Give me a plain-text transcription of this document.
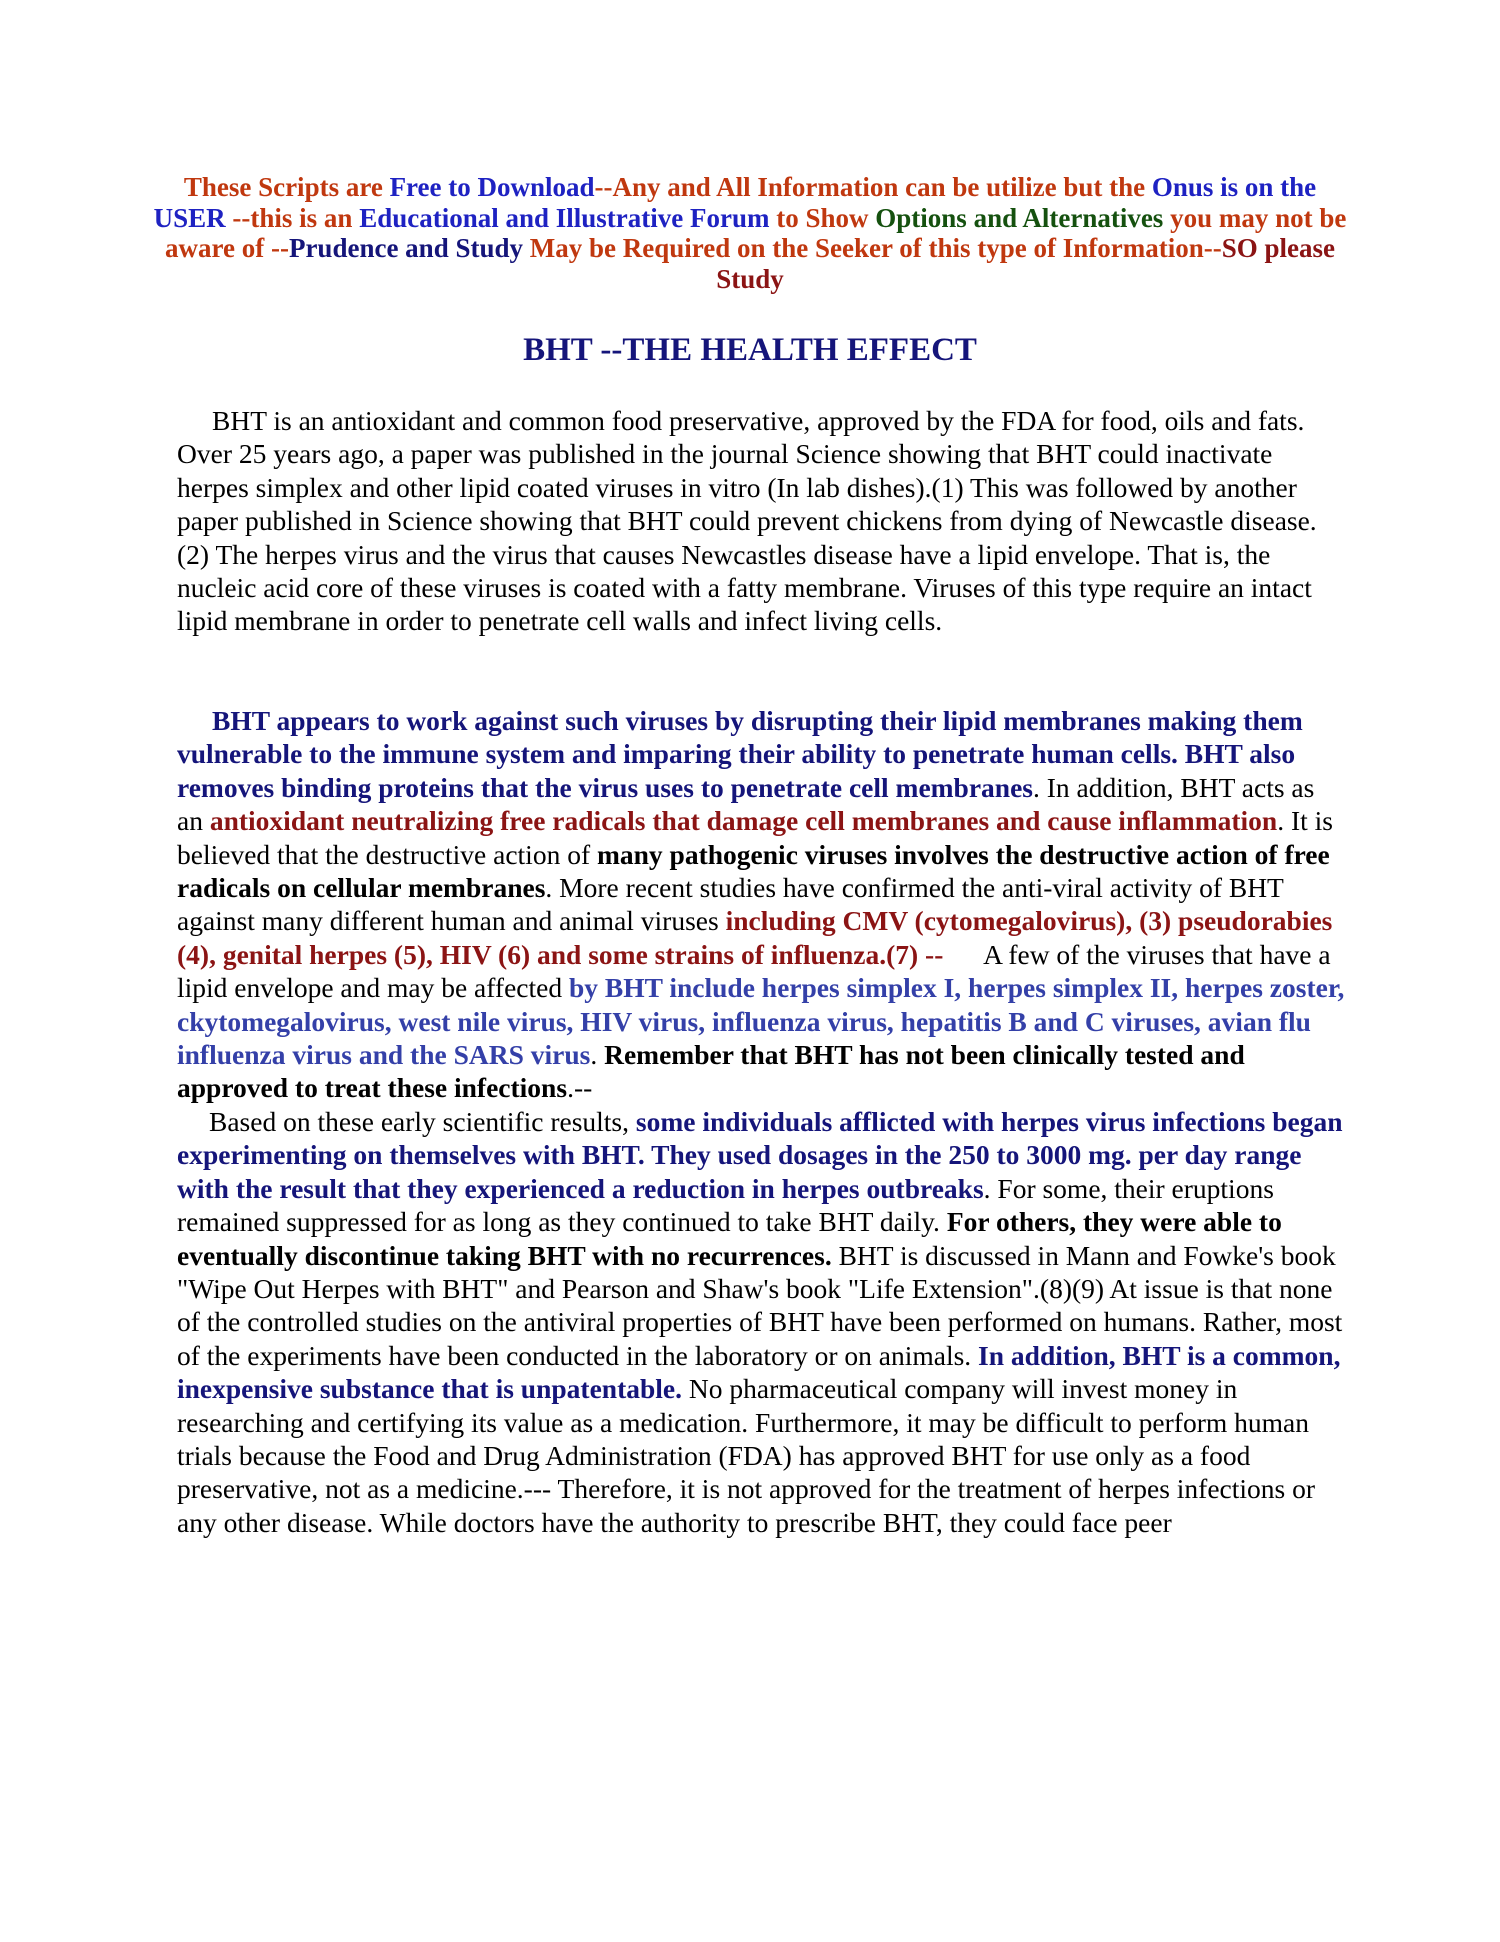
These Scripts are Free to Download--Any and All Information can be utilize but the Onus is on the USER --this is an Educational and Illustrative Forum to Show Options and Alternatives you may not be aware of --Prudence and Study May be Required on the Seeker of this type of Information--SO please Study
BHT --THE HEALTH EFFECT
BHT is an antioxidant and common food preservative, approved by the FDA for food, oils and fats. Over 25 years ago, a paper was published in the journal Science showing that BHT could inactivate herpes simplex and other lipid coated viruses in vitro (In lab dishes).(1) This was followed by another paper published in Science showing that BHT could prevent chickens from dying of Newcastle disease.(2) The herpes virus and the virus that causes Newcastles disease have a lipid envelope. That is, the nucleic acid core of these viruses is coated with a fatty membrane. Viruses of this type require an intact lipid membrane in order to penetrate cell walls and infect living cells.
BHT appears to work against such viruses by disrupting their lipid membranes making them vulnerable to the immune system and imparing their ability to penetrate human cells. BHT also removes binding proteins that the virus uses to penetrate cell membranes. In addition, BHT acts as an antioxidant neutralizing free radicals that damage cell membranes and cause inflammation. It is believed that the destructive action of many pathogenic viruses involves the destructive action of free radicals on cellular membranes. More recent studies have confirmed the anti-viral activity of BHT against many different human and animal viruses including CMV (cytomegalovirus), (3) pseudorabies (4), genital herpes (5), HIV (6) and some strains of influenza.(7) --      A few of the viruses that have a lipid envelope and may be affected by BHT include herpes simplex I, herpes simplex II, herpes zoster, ckytomegalovirus, west nile virus, HIV virus, influenza virus, hepatitis B and C viruses, avian flu influenza virus and the SARS virus. Remember that BHT has not been clinically tested and approved to treat these infections.--
Based on these early scientific results, some individuals afflicted with herpes virus infections began experimenting on themselves with BHT. They used dosages in the 250 to 3000 mg. per day range with the result that they experienced a reduction in herpes outbreaks. For some, their eruptions remained suppressed for as long as they continued to take BHT daily. For others, they were able to eventually discontinue taking BHT with no recurrences. BHT is discussed in Mann and Fowke's book "Wipe Out Herpes with BHT" and Pearson and Shaw's book "Life Extension".(8)(9) At issue is that none of the controlled studies on the antiviral properties of BHT have been performed on humans. Rather, most of the experiments have been conducted in the laboratory or on animals. In addition, BHT is a common, inexpensive substance that is unpatentable. No pharmaceutical company will invest money in researching and certifying its value as a medication. Furthermore, it may be difficult to perform human trials because the Food and Drug Administration (FDA) has approved BHT for use only as a food preservative, not as a medicine.--- Therefore, it is not approved for the treatment of herpes infections or any other disease. While doctors have the authority to prescribe BHT, they could face peer
